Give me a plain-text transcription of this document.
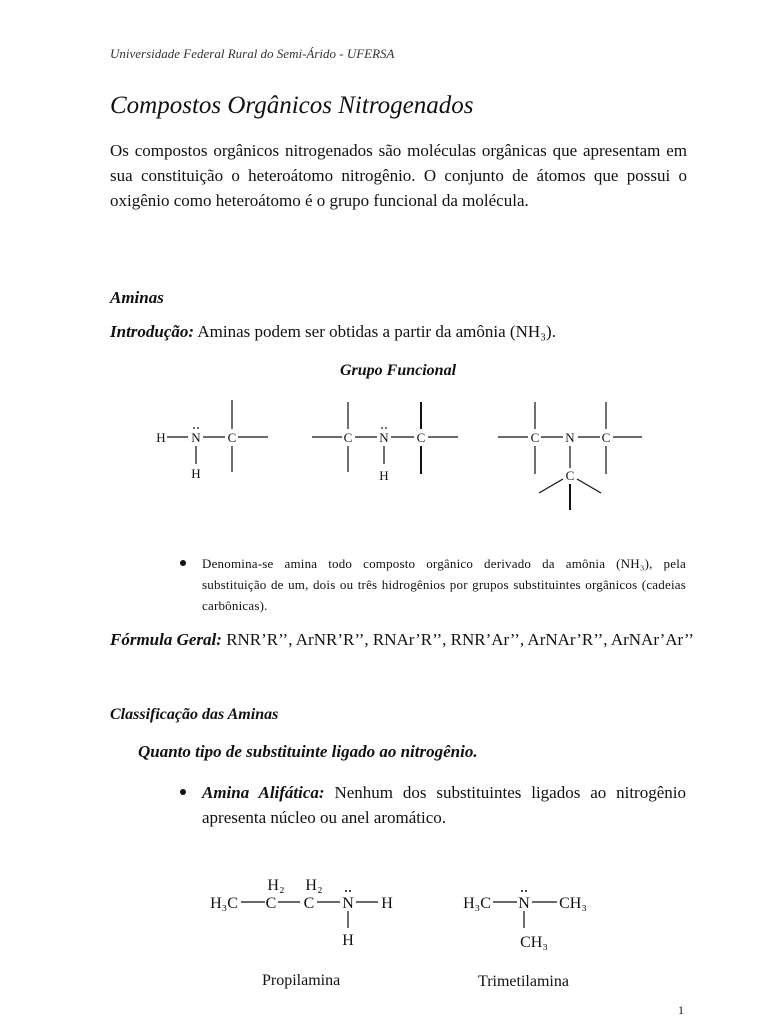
Universidade Federal Rural do Semi-Árido - UFERSA
Compostos Orgânicos Nitrogenados
Os compostos orgânicos nitrogenados são moléculas orgânicas que apresentam em sua constituição o heteroátomo nitrogênio. O conjunto de átomos que possui o oxigênio como heteroátomo é o grupo funcional da molécula.
Aminas
Introdução: Aminas podem ser obtidas a partir da amônia (NH₃).
Grupo Funcional
H N C
H
C N C
H
C N C
C
Denomina-se amina todo composto orgânico derivado da amônia (NH₃), pela substituição de um, dois ou três hidrogênios por grupos substituintes orgânicos (cadeias carbônicas).
Fórmula Geral: RNR’R’’, ArNR’R’’, RNAr’R’’, RNR’Ar’’, ArNAr’R’’, ArNAr’Ar’’
Classificação das Aminas
Quanto tipo de substituinte ligado ao nitrogênio.
Amina Alifática: Nenhum dos substituintes ligados ao nitrogênio apresenta núcleo ou anel aromático.
H₃C C
H₂
C
H₂
N H
H
H₃C N CH₃
CH₃
Propilamina	Trimetilamina
1
